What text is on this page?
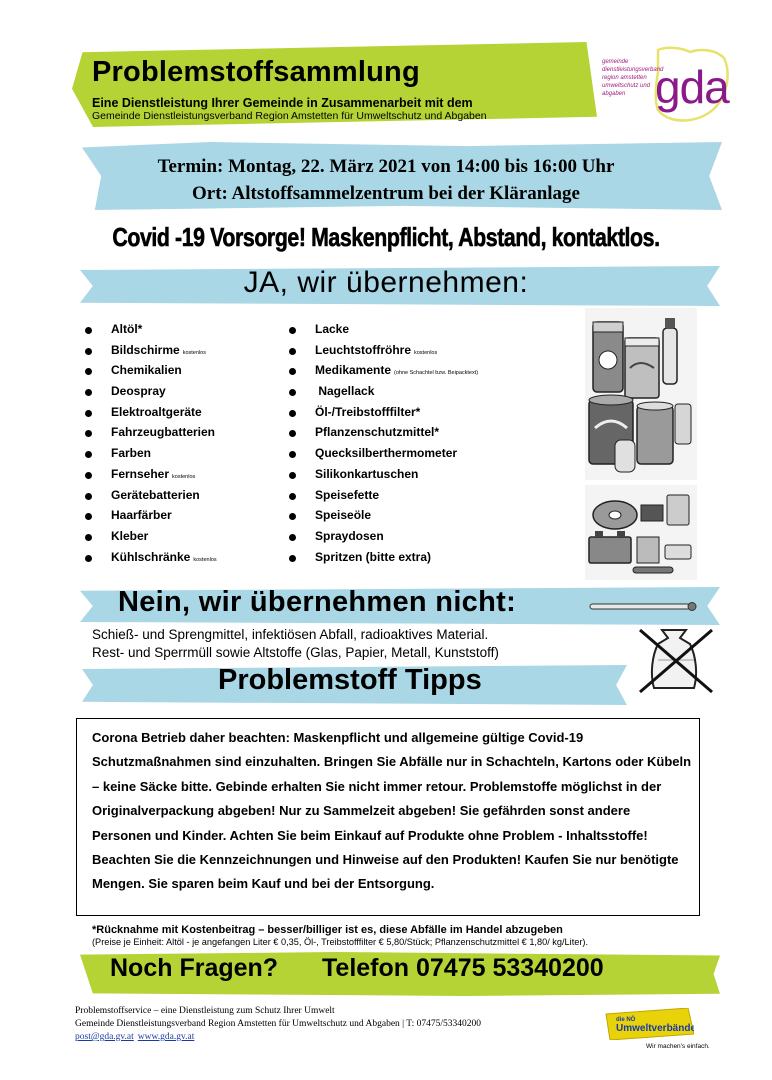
Problemstoffsammlung
Eine Dienstleistung Ihrer Gemeinde in Zusammenarbeit mit dem
Gemeinde Dienstleistungsverband Region Amstetten für Umweltschutz und Abgaben
gemeinde
dienstleistungsverband
region amstetten
umweltschutz und abgaben gda
Termin: Montag, 22. März 2021 von 14:00 bis 16:00 Uhr
Ort: Altstoffsammelzentrum bei der Kläranlage
Covid -19 Vorsorge! Maskenpflicht, Abstand, kontaktlos.
JA, wir übernehmen:
Altöl*
Bildschirme kostenlos
Chemikalien
Deospray
Elektroaltgeräte
Fahrzeugbatterien
Farben
Fernseher kostenlos
Gerätebatterien
Haarfärber
Kleber
Kühlschränke kostenlos
Lacke
Leuchtstoffröhre kostenlos
Medikamente (ohne Schachtel bzw. Beipacktext)
Nagellack
Öl-/Treibstofffilter*
Pflanzenschutzmittel*
Quecksilberthermometer
Silikonkartuschen
Speisefette
Speiseöle
Spraydosen
Spritzen (bitte extra)
Nein, wir übernehmen nicht:
Schieß- und Sprengmittel, infektiösen Abfall, radioaktives Material.
Rest- und Sperrmüll sowie Altstoffe (Glas, Papier, Metall, Kunststoff)
Problemstoff Tipps
Corona Betrieb daher beachten: Maskenpflicht und allgemeine gültige Covid-19 Schutzmaßnahmen sind einzuhalten. Bringen Sie Abfälle nur in Schachteln, Kartons oder Kübeln – keine Säcke bitte. Gebinde erhalten Sie nicht immer retour. Problemstoffe möglichst in der Originalverpackung abgeben! Nur zu Sammelzeit abgeben! Sie gefährden sonst andere Personen und Kinder. Achten Sie beim Einkauf auf Produkte ohne Problem - Inhaltsstoffe! Beachten Sie die Kennzeichnungen und Hinweise auf den Produkten! Kaufen Sie nur benötigte Mengen. Sie sparen beim Kauf und bei der Entsorgung.
*Rücknahme mit Kostenbeitrag – besser/billiger ist es, diese Abfälle im Handel abzugeben
(Preise je Einheit: Altöl - je angefangen Liter € 0,35, Öl-, Treibstofffilter € 5,80/Stück; Pflanzenschutzmittel € 1,80/ kg/Liter).
Noch Fragen? Telefon 07475 53340200
Problemstoffservice – eine Dienstleistung zum Schutz Ihrer Umwelt
Gemeinde Dienstleistungsverband Region Amstetten für Umweltschutz und Abgaben | T: 07475/53340200
post@gda.gv.at www.gda.gv.at
die NÖ
Umweltverbände
Wir machen's einfach.
